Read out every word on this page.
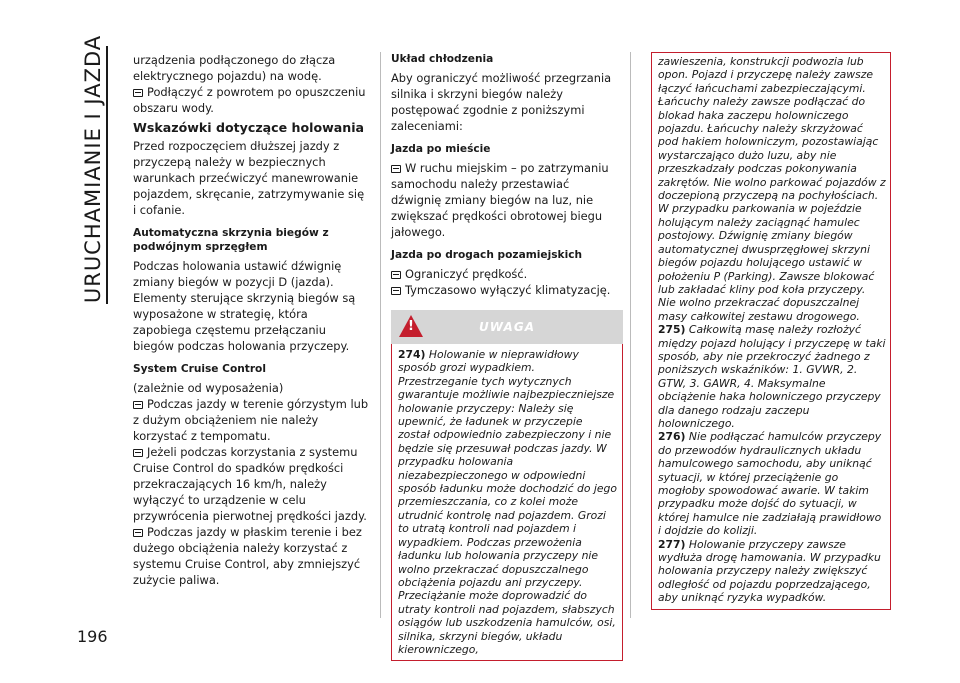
URUCHAMIANIE I JAZDA
196

urządzenia podłączonego do złącza elektrycznego pojazdu) na wodę.

Podłączyć z powrotem po opuszczeniu obszaru wody.

Wskazówki dotyczące holowania

Przed rozpoczęciem dłuższej jazdy z przyczepą należy w bezpiecznych warunkach przećwiczyć manewrowanie pojazdem, skręcanie, zatrzymywanie się i cofanie.

Automatyczna skrzynia biegów z podwójnym sprzęgłem

Podczas holowania ustawić dźwignię zmiany biegów w pozycji D (jazda). Elementy sterujące skrzynią biegów są wyposażone w strategię, która zapobiega częstemu przełączaniu biegów podczas holowania przyczepy.

System Cruise Control

(zależnie od wyposażenia)

Podczas jazdy w terenie górzystym lub z dużym obciążeniem nie należy korzystać z tempomatu.

Jeżeli podczas korzystania z systemu Cruise Control do spadków prędkości przekraczających 16 km/h, należy wyłączyć to urządzenie w celu przywrócenia pierwotnej prędkości jazdy.

Podczas jazdy w płaskim terenie i bez dużego obciążenia należy korzystać z systemu Cruise Control, aby zmniejszyć zużycie paliwa.

Układ chłodzenia

Aby ograniczyć możliwość przegrzania silnika i skrzyni biegów należy postępować zgodnie z poniższymi zaleceniami:

Jazda po mieście

W ruchu miejskim – po zatrzymaniu samochodu należy przestawiać dźwignię zmiany biegów na luz, nie zwiększać prędkości obrotowej biegu jałowego.

Jazda po drogach pozamiejskich

Ograniczyć prędkość.

Tymczasowo wyłączyć klimatyzację.

!	UWAGA

274) Holowanie w nieprawidłowy sposób grozi wypadkiem. Przestrzeganie tych wytycznych gwarantuje możliwie najbezpieczniejsze holowanie przyczepy: Należy się upewnić, że ładunek w przyczepie został odpowiednio zabezpieczony i nie będzie się przesuwał podczas jazdy. W przypadku holowania niezabezpieczonego w odpowiedni sposób ładunku może dochodzić do jego przemieszczania, co z kolei może utrudnić kontrolę nad pojazdem. Grozi to utratą kontroli nad pojazdem i wypadkiem. Podczas przewożenia ładunku lub holowania przyczepy nie wolno przekraczać dopuszczalnego obciążenia pojazdu ani przyczepy. Przeciążanie może doprowadzić do utraty kontroli nad pojazdem, słabszych osiągów lub uszkodzenia hamulców, osi, silnika, skrzyni biegów, układu kierowniczego,

zawieszenia, konstrukcji podwozia lub opon. Pojazd i przyczepę należy zawsze łączyć łańcuchami zabezpieczającymi. Łańcuchy należy zawsze podłączać do blokad haka zaczepu holowniczego pojazdu. Łańcuchy należy skrzyżować pod hakiem holowniczym, pozostawiając wystarczająco dużo luzu, aby nie przeszkadzały podczas pokonywania zakrętów. Nie wolno parkować pojazdów z doczepioną przyczepą na pochyłościach. W przypadku parkowania w pojeździe holującym należy zaciągnąć hamulec postojowy. Dźwignię zmiany biegów automatycznej dwusprzęgłowej skrzyni biegów pojazdu holującego ustawić w położeniu P (Parking). Zawsze blokować lub zakładać kliny pod koła przyczepy. Nie wolno przekraczać dopuszczalnej masy całkowitej zestawu drogowego.

275) Całkowitą masę należy rozłożyć między pojazd holujący i przyczepę w taki sposób, aby nie przekroczyć żadnego z poniższych wskaźników: 1. GVWR, 2. GTW, 3. GAWR, 4. Maksymalne obciążenie haka holowniczego przyczepy dla danego rodzaju zaczepu holowniczego.

276) Nie podłączać hamulców przyczepy do przewodów hydraulicznych układu hamulcowego samochodu, aby uniknąć sytuacji, w której przeciążenie go mogłoby spowodować awarie. W takim przypadku może dojść do sytuacji, w której hamulce nie zadziałają prawidłowo i dojdzie do kolizji.

277) Holowanie przyczepy zawsze wydłuża drogę hamowania. W przypadku holowania przyczepy należy zwiększyć odległość od pojazdu poprzedzającego, aby uniknąć ryzyka wypadków.
